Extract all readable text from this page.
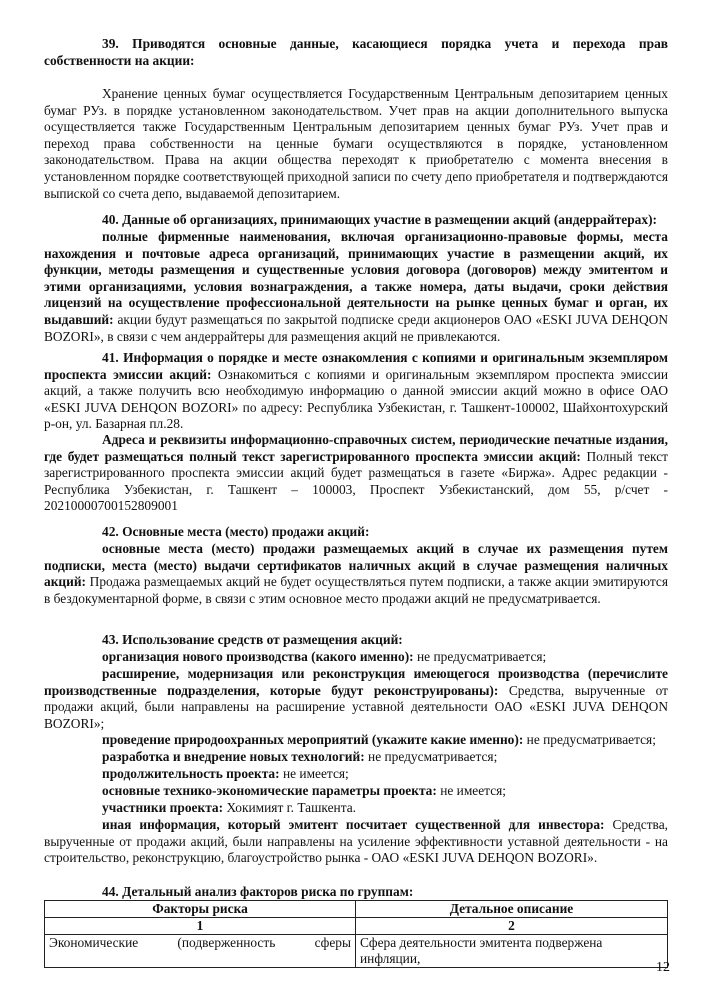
39. Приводятся основные данные, касающиеся порядка учета и перехода прав собственности на акции:

Хранение ценных бумаг осуществляется Государственным Центральным депозитарием ценных бумаг РУз. в порядке установленном законодательством. Учет прав на акции дополнительного выпуска осуществляется также Государственным Центральным депозитарием ценных бумаг РУз. Учет прав и переход права собственности на ценные бумаги осуществляются в порядке, установленном законодательством. Права на акции общества переходят к приобретателю с момента внесения в установленном порядке соответствующей приходной записи по счету депо приобретателя и подтверждаются выпиской со счета депо, выдаваемой депозитарием.

40. Данные об организациях, принимающих участие в размещении акций (андеррайтерах):

полные фирменные наименования, включая организационно-правовые формы, места нахождения и почтовые адреса организаций, принимающих участие в размещении акций, их функции, методы размещения и существенные условия договора (договоров) между эмитентом и этими организациями, условия вознаграждения, а также номера, даты выдачи, сроки действия лицензий на осуществление профессиональной деятельности на рынке ценных бумаг и орган, их выдавший: акции будут размещаться по закрытой подписке среди акционеров ОАО «ESKI JUVA DEHQON BOZORI», в связи с чем андеррайтеры для размещения акций не привлекаются.

41. Информация о порядке и месте ознакомления с копиями и оригинальным экземпляром проспекта эмиссии акций: Ознакомиться с копиями и оригинальным экземпляром проспекта эмиссии акций, а также получить всю необходимую информацию о данной эмиссии акций можно в офисе ОАО «ESKI JUVA DEHQON BOZORI» по адресу: Республика Узбекистан, г. Ташкент-100002, Шайхонтохурский р-он, ул. Базарная пл.28.

Адреса и реквизиты информационно-справочных систем, периодические печатные издания, где будет размещаться полный текст зарегистрированного проспекта эмиссии акций: Полный текст зарегистрированного проспекта эмиссии акций будет размещаться в газете «Биржа». Адрес редакции - Республика Узбекистан, г. Ташкент – 100003, Проспект Узбекистанский, дом 55, р/счет - 20210000700152809001

42. Основные места (место) продажи акций:

основные места (место) продажи размещаемых акций в случае их размещения путем подписки, места (место) выдачи сертификатов наличных акций в случае размещения наличных акций: Продажа размещаемых акций не будет осуществляться путем подписки, а также акции эмитируются в бездокументарной форме, в связи с этим основное место продажи акций не предусматривается.

43. Использование средств от размещения акций:

организация нового производства (какого именно): не предусматривается;

расширение, модернизация или реконструкция имеющегося производства (перечислите производственные подразделения, которые будут реконструированы): Средства, вырученные от продажи акций, были направлены на расширение уставной деятельности ОАО «ESKI JUVA DEHQON BOZORI»;

проведение природоохранных мероприятий (укажите какие именно): не предусматривается;

разработка и внедрение новых технологий: не предусматривается;

продолжительность проекта: не имеется;

основные технико-экономические параметры проекта: не имеется;

участники проекта: Хокимият г. Ташкента.

иная информация, который эмитент посчитает существенной для инвестора: Средства, вырученные от продажи акций, были направлены на усиление эффективности уставной деятельности - на строительство, реконструкцию, благоустройство рынка - ОАО «ESKI JUVA DEHQON BOZORI».

44. Детальный анализ факторов риска по группам:

Факторы риска	Детальное описание
1	2
Экономические (подверженность сферы	Сфера деятельности эмитента подвержена инфляции,
12
